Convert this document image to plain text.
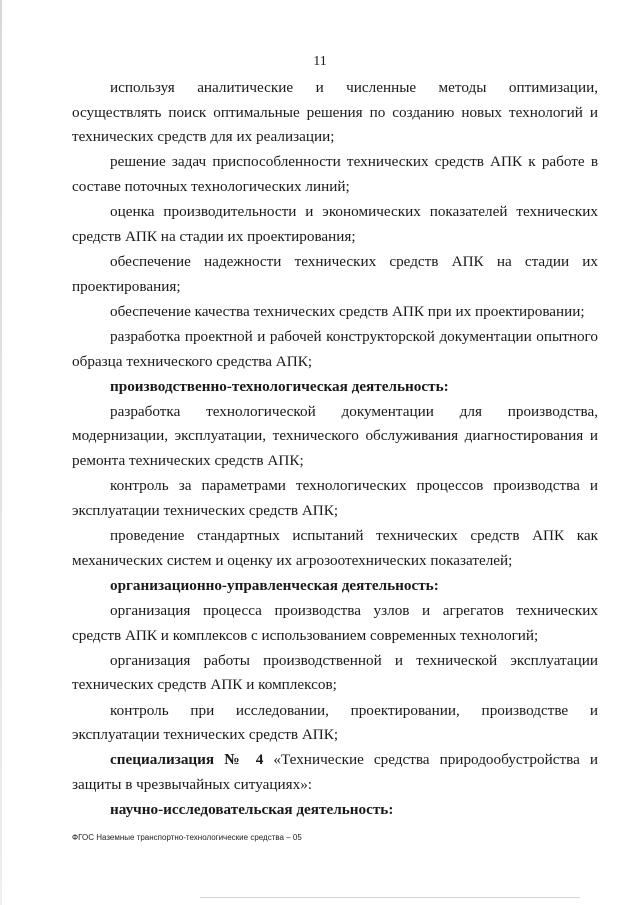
11

используя аналитические и численные методы оптимизации, осуществлять поиск оптимальные решения по созданию новых технологий и технических средств для их реализации;

решение задач приспособленности технических средств АПК к работе в составе поточных технологических линий;

оценка производительности и экономических показателей технических средств АПК на стадии их проектирования;

обеспечение надежности технических средств АПК на стадии их проектирования;

обеспечение качества технических средств АПК при их проектировании;

разработка проектной и рабочей конструкторской документации опытного образца технического средства АПК;

производственно-технологическая деятельность:

разработка технологической документации для производства, модернизации, эксплуатации, технического обслуживания диагностирования и ремонта технических средств АПК;

контроль за параметрами технологических процессов производства и эксплуатации технических средств АПК;

проведение стандартных испытаний технических средств АПК как механических систем и оценку их агрозоотехнических показателей;

организационно-управленческая деятельность:

организация процесса производства узлов и агрегатов технических средств АПК и комплексов с использованием современных технологий;

организация работы производственной и технической эксплуатации технических средств АПК и комплексов;

контроль при исследовании, проектировании, производстве и эксплуатации технических средств АПК;

специализация № 4 «Технические средства природообустройства и защиты в чрезвычайных ситуациях»:

научно-исследовательская деятельность:

ФГОС Наземные транспортно-технологические средства – 05
